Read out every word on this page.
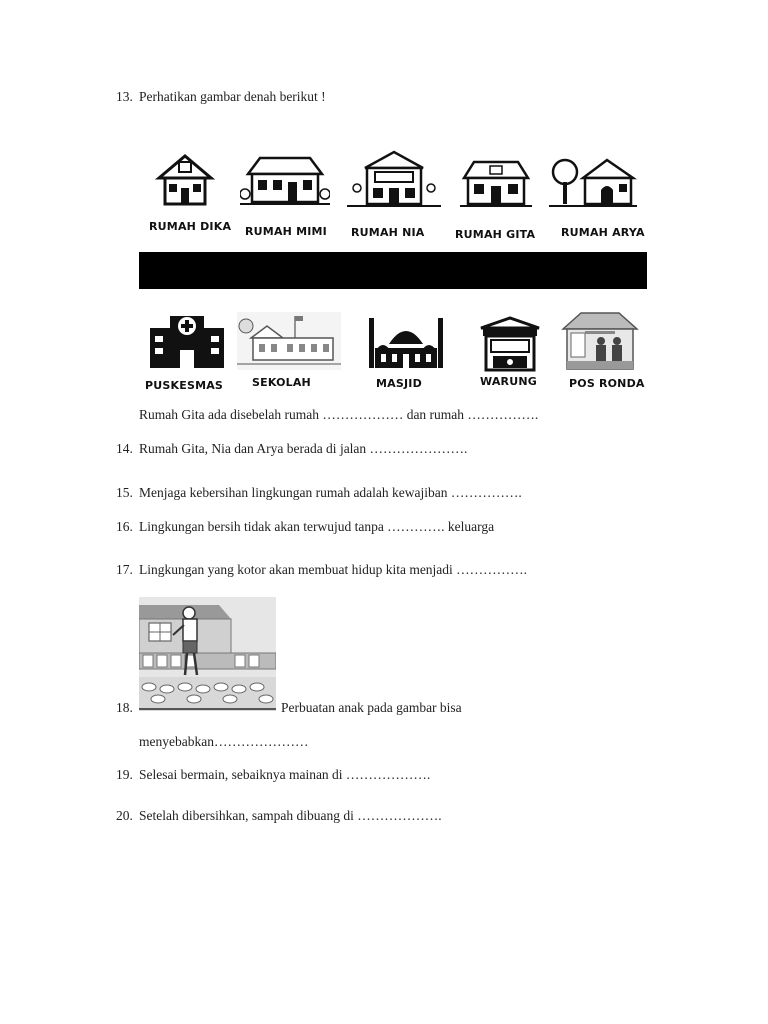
13. Perhatikan gambar denah berikut !
RUMAH DIKA RUMAH MIMI RUMAH NIA	RUMAH GITA RUMAH ARYA
PUSKESMAS	SEKOLAH	MASJID	WARUNG	POS RONDA
Rumah Gita ada disebelah rumah ……………… dan rumah …………….
14. Rumah Gita, Nia dan Arya berada di jalan ………………….
15. Menjaga kebersihan lingkungan rumah adalah kewajiban …………….
16. Lingkungan bersih tidak akan terwujud tanpa …………. keluarga
17. Lingkungan yang kotor akan membuat hidup kita menjadi …………….
18.	Perbuatan anak pada gambar bisa
menyebabkan…………………
19. Selesai bermain, sebaiknya mainan di ……………….
20. Setelah dibersihkan, sampah dibuang di ……………….
